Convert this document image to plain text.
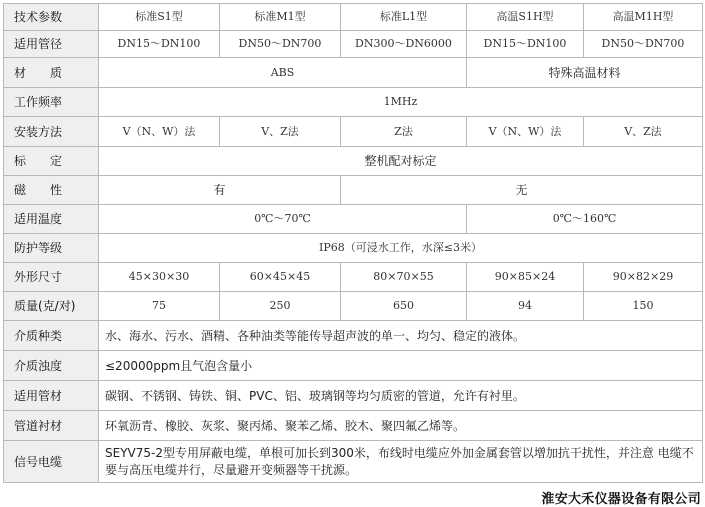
技术参数	标准S1型	标准M1型	标准L1型	高温S1H型	高温M1H型
适用管径	DN15～DN100	DN50～DN700	DN300～DN6000	DN15～DN100	DN50～DN700
材　　质	ABS			特殊高温材料	
工作频率	1MHz				
安装方法	V（N、W）法	V、Z法	Z法	V（N、W）法	V、Z法
标　　定	整机配对标定				
磁　　性	有		无		
适用温度	0℃～70℃			0℃～160℃	
防护等级	IP68（可浸水工作，水深≤3米）				
外形尺寸	45×30×30	60×45×45	80×70×55	90×85×24	90×82×29
质量(克/对)	75	250	650	94	150
介质种类	水、海水、污水、酒精、各种油类等能传导超声波的单一、均匀、稳定的液体。				
介质浊度	≤20000ppm且气泡含量小				
适用管材	碳钢、不锈钢、铸铁、铜、PVC、铝、玻璃钢等均匀质密的管道，允许有衬里。				
管道衬材	环氧沥青、橡胶、灰浆、聚丙烯、聚苯乙烯、胶木、聚四氟乙烯等。				
信号电缆	SEYV75-2型专用屏蔽电缆，单根可加长到300米，布线时电缆应外加金属套管以增加抗干扰性，并注意 电缆不要与高压电缆并行，尽量避开变频器等干扰源。				
淮安大禾仪器设备有限公司
